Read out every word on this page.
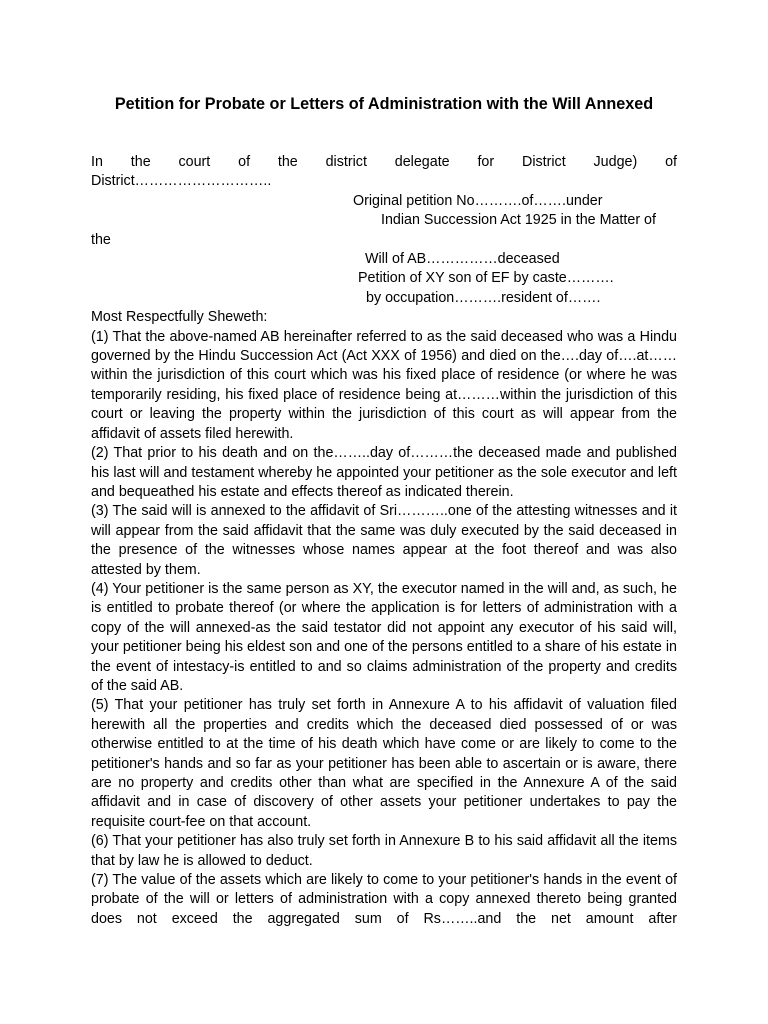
Petition for Probate or Letters of Administration with the Will Annexed

In the court of the district delegate for District Judge) of

District………………………..

Original petition No……….of…….under

Indian Succession Act 1925 in the Matter of

the

Will of AB……………deceased

Petition of XY son of EF by caste……….

by occupation……….resident of…….

Most Respectfully Sheweth:

(1) That the above-named AB hereinafter referred to as the said deceased who was a Hindu governed by the Hindu Succession Act (Act XXX of 1956) and died on the….day of….at……within the jurisdiction of this court which was his fixed place of residence (or where he was temporarily residing, his fixed place of residence being at………within the jurisdiction of this court or leaving the property within the jurisdiction of this court as will appear from the affidavit of assets filed herewith.

(2) That prior to his death and on the……..day of………the deceased made and published his last will and testament whereby he appointed your petitioner as the sole executor and left and bequeathed his estate and effects thereof as indicated therein.

(3) The said will is annexed to the affidavit of Sri………..one of the attesting witnesses and it will appear from the said affidavit that the same was duly executed by the said deceased in the presence of the witnesses whose names appear at the foot thereof and was also attested by them.

(4) Your petitioner is the same person as XY, the executor named in the will and, as such, he is entitled to probate thereof (or where the application is for letters of administration with a copy of the will annexed-as the said testator did not appoint any executor of his said will, your petitioner being his eldest son and one of the persons entitled to a share of his estate in the event of intestacy-is entitled to and so claims administration of the property and credits of the said AB.

(5) That your petitioner has truly set forth in Annexure A to his affidavit of valuation filed herewith all the properties and credits which the deceased died possessed of or was otherwise entitled to at the time of his death which have come or are likely to come to the petitioner's hands and so far as your petitioner has been able to ascertain or is aware, there are no property and credits other than what are specified in the Annexure A of the said affidavit and in case of discovery of other assets your petitioner undertakes to pay the requisite court-fee on that account.

(6) That your petitioner has also truly set forth in Annexure B to his said affidavit all the items that by law he is allowed to deduct.

(7) The value of the assets which are likely to come to your petitioner's hands in the event of probate of the will or letters of administration with a copy annexed thereto being granted does not exceed the aggregated sum of Rs……..and the net amount after
